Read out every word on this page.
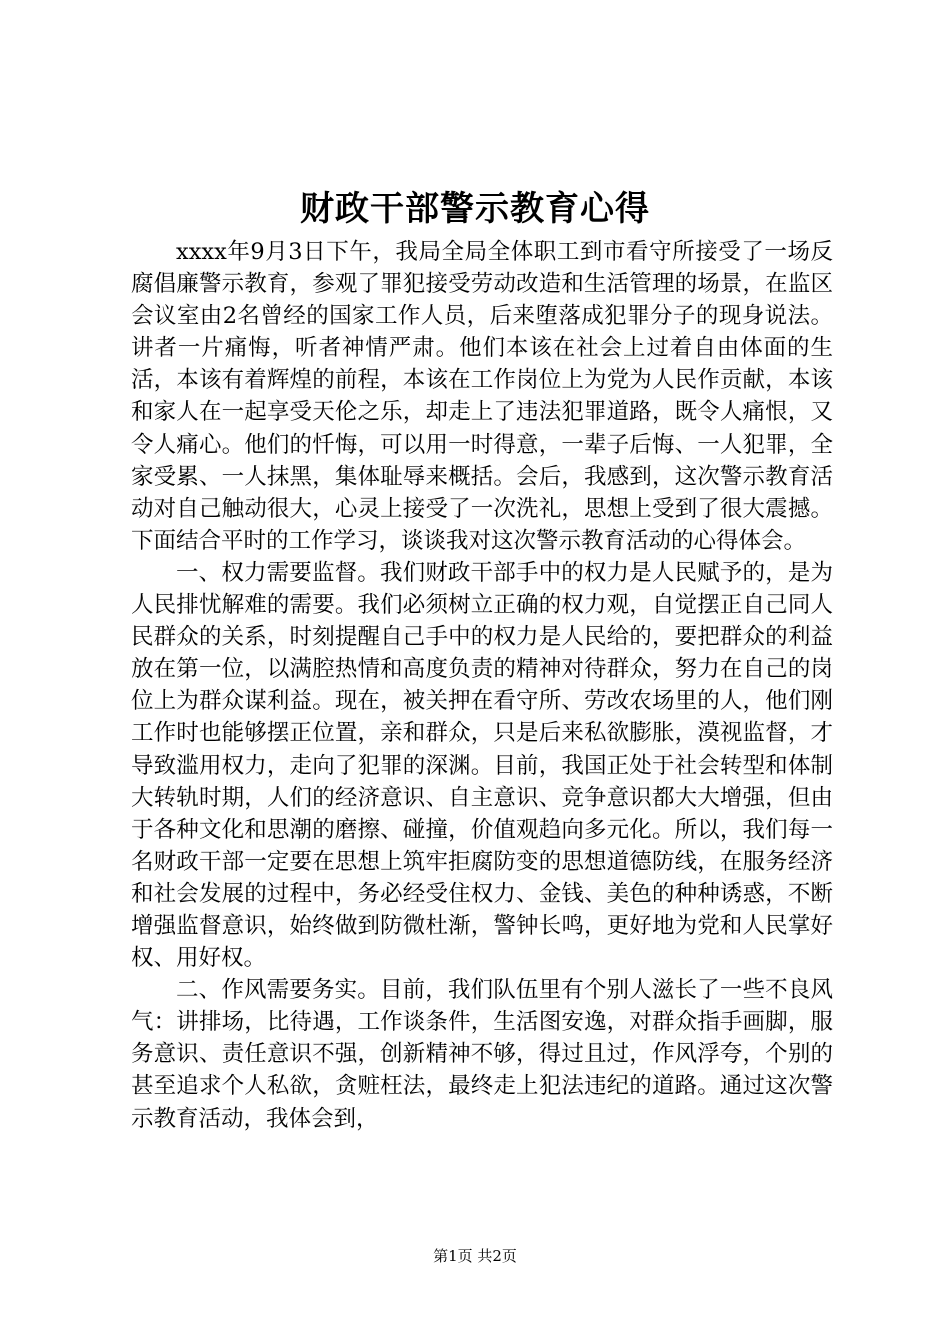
财政干部警示教育心得

xxxx年9月3日下午，我局全局全体职工到市看守所接受了一场反腐倡廉警示教育，参观了罪犯接受劳动改造和生活管理的场景，在监区会议室由2名曾经的国家工作人员，后来堕落成犯罪分子的现身说法。讲者一片痛悔，听者神情严肃。他们本该在社会上过着自由体面的生活，本该有着辉煌的前程，本该在工作岗位上为党为人民作贡献，本该和家人在一起享受天伦之乐，却走上了违法犯罪道路，既令人痛恨，又令人痛心。他们的忏悔，可以用一时得意，一辈子后悔、一人犯罪，全家受累、一人抹黑，集体耻辱来概括。会后，我感到，这次警示教育活动对自己触动很大，心灵上接受了一次洗礼，思想上受到了很大震撼。下面结合平时的工作学习，谈谈我对这次警示教育活动的心得体会。

一、权力需要监督。我们财政干部手中的权力是人民赋予的，是为人民排忧解难的需要。我们必须树立正确的权力观，自觉摆正自己同人民群众的关系，时刻提醒自己手中的权力是人民给的，要把群众的利益放在第一位，以满腔热情和高度负责的精神对待群众，努力在自己的岗位上为群众谋利益。现在，被关押在看守所、劳改农场里的人，他们刚工作时也能够摆正位置，亲和群众，只是后来私欲膨胀，漠视监督，才导致滥用权力，走向了犯罪的深渊。目前，我国正处于社会转型和体制大转轨时期，人们的经济意识、自主意识、竞争意识都大大增强，但由于各种文化和思潮的磨擦、碰撞，价值观趋向多元化。所以，我们每一名财政干部一定要在思想上筑牢拒腐防变的思想道德防线，在服务经济和社会发展的过程中，务必经受住权力、金钱、美色的种种诱惑，不断增强监督意识，始终做到防微杜渐，警钟长鸣，更好地为党和人民掌好权、用好权。

二、作风需要务实。目前，我们队伍里有个别人滋长了一些不良风气：讲排场，比待遇，工作谈条件，生活图安逸，对群众指手画脚，服务意识、责任意识不强，创新精神不够，得过且过，作风浮夸，个别的甚至追求个人私欲，贪赃枉法，最终走上犯法违纪的道路。通过这次警示教育活动，我体会到，

第1页 共2页
